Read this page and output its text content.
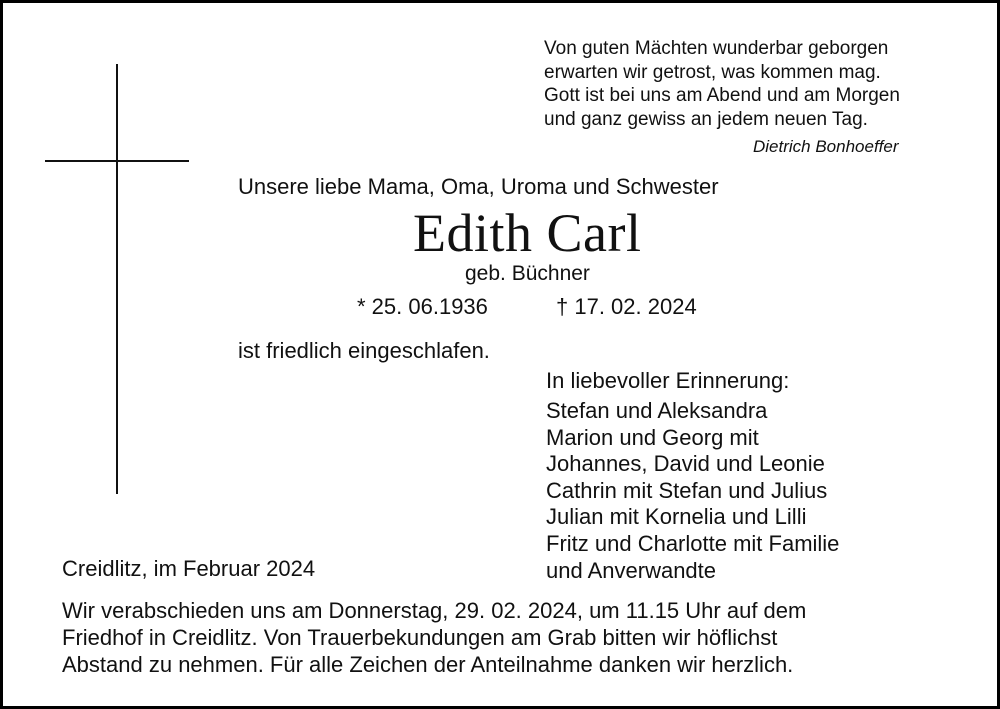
Von guten Mächten wunderbar geborgen
erwarten wir getrost, was kommen mag.
Gott ist bei uns am Abend und am Morgen
und ganz gewiss an jedem neuen Tag.
Dietrich Bonhoeffer
Unsere liebe Mama, Oma, Uroma und Schwester
Edith Carl
geb. Büchner
* 25. 06.1936	† 17. 02. 2024
ist friedlich eingeschlafen.
In liebevoller Erinnerung:
Stefan und Aleksandra
Marion und Georg mit
Johannes, David und Leonie
Cathrin mit Stefan und Julius
Julian mit Kornelia und Lilli
Fritz und Charlotte mit Familie
und Anverwandte
Creidlitz, im Februar 2024
Wir verabschieden uns am Donnerstag, 29. 02. 2024, um 11.15 Uhr auf dem
Friedhof in Creidlitz. Von Trauerbekundungen am Grab bitten wir höflichst
Abstand zu nehmen. Für alle Zeichen der Anteilnahme danken wir herzlich.
